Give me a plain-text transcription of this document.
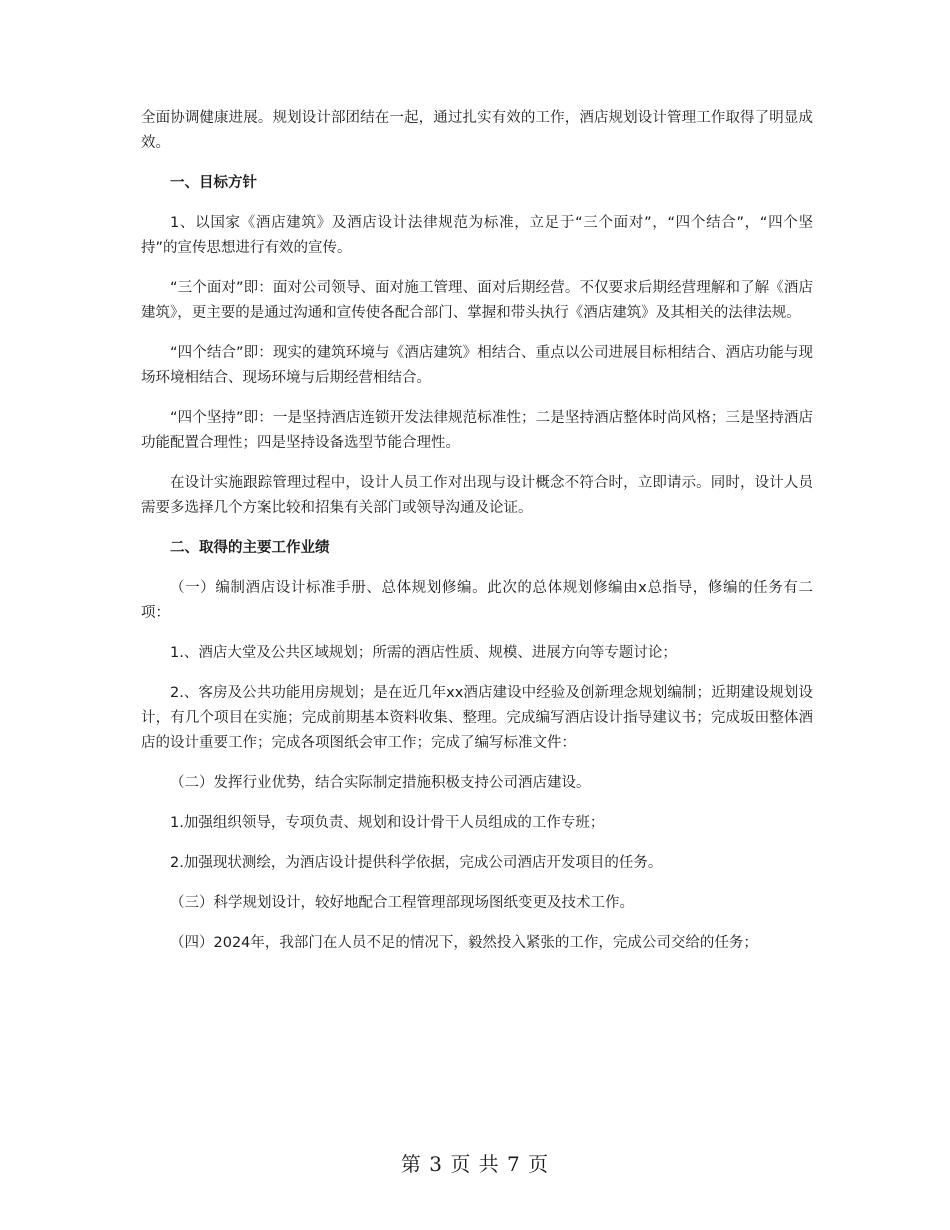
全面协调健康进展。规划设计部团结在一起，通过扎实有效的工作，酒店规划设计管理工作取得了明显成效。

一、目标方针

1、以国家《酒店建筑》及酒店设计法律规范为标准，立足于“三个面对”，“四个结合”，“四个坚持”的宣传思想进行有效的宣传。

“三个面对”即：面对公司领导、面对施工管理、面对后期经营。不仅要求后期经营理解和了解《酒店建筑》，更主要的是通过沟通和宣传使各配合部门、掌握和带头执行《酒店建筑》及其相关的法律法规。

“四个结合”即：现实的建筑环境与《酒店建筑》相结合、重点以公司进展目标相结合、酒店功能与现场环境相结合、现场环境与后期经营相结合。

“四个坚持”即：一是坚持酒店连锁开发法律规范标准性；二是坚持酒店整体时尚风格；三是坚持酒店功能配置合理性；四是坚持设备选型节能合理性。

在设计实施跟踪管理过程中，设计人员工作对出现与设计概念不符合时，立即请示。同时，设计人员需要多选择几个方案比较和招集有关部门或领导沟通及论证。

二、取得的主要工作业绩

（一）编制酒店设计标准手册、总体规划修编。此次的总体规划修编由x总指导，修编的任务有二项：

1.、酒店大堂及公共区域规划；所需的酒店性质、规模、进展方向等专题讨论；

2.、客房及公共功能用房规划；是在近几年xx酒店建设中经验及创新理念规划编制；近期建设规划设计，有几个项目在实施；完成前期基本资料收集、整理。完成编写酒店设计指导建议书；完成坂田整体酒店的设计重要工作；完成各项图纸会审工作；完成了编写标准文件：

（二）发挥行业优势，结合实际制定措施积极支持公司酒店建设。

1.加强组织领导，专项负责、规划和设计骨干人员组成的工作专班；

2.加强现状测绘，为酒店设计提供科学依据，完成公司酒店开发项目的任务。

（三）科学规划设计，较好地配合工程管理部现场图纸变更及技术工作。

（四）2024年，我部门在人员不足的情况下，毅然投入紧张的工作，完成公司交给的任务；

第 3 页 共 7 页
